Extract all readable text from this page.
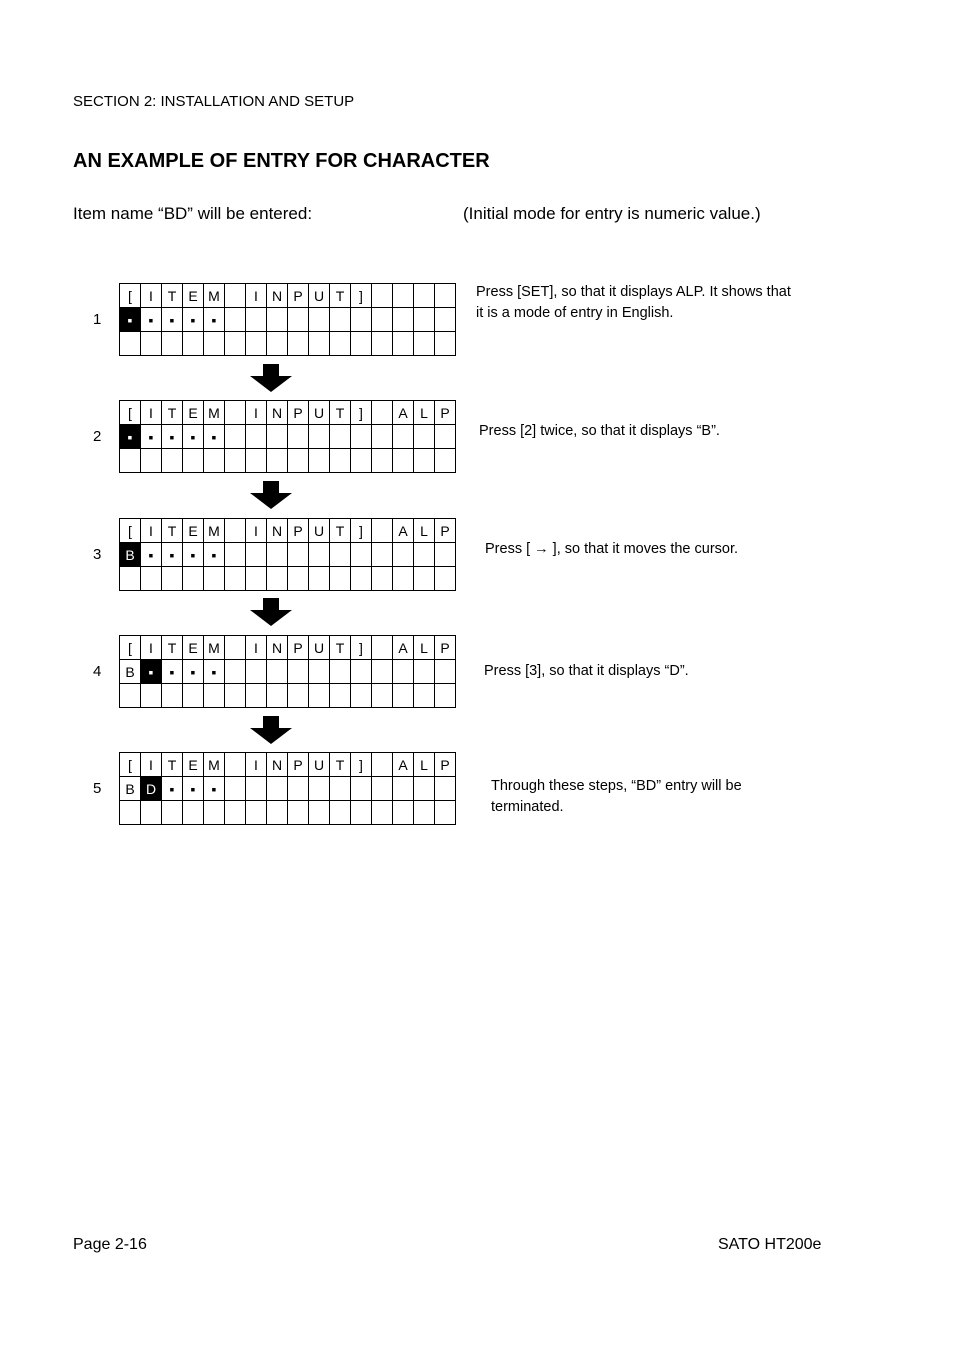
SECTION 2: INSTALLATION AND SETUP
AN EXAMPLE OF ENTRY FOR CHARACTER
Item name “BD” will be entered:	(Initial mode for entry is numeric value.)
1
[	I	T	E	M		I	N	P	U	T	]				
▪	▪	▪	▪	▪											

Press [SET], so that it displays ALP. It shows that
it is a mode of entry in English.
2
[	I	T	E	M		I	N	P	U	T	]		A	L	P
▪	▪	▪	▪	▪											
																Press [2] twice, so that it displays “B”.
3
[	I	T	E	M		I	N	P	U	T	]		A	L	P
B	▪	▪	▪	▪											
																Press [ → ], so that it moves the cursor.
4
[	I	T	E	M		I	N	P	U	T	]		A	L	P
B	▪	▪	▪	▪											
																Press [3], so that it displays “D”.
5
[	I	T	E	M		I	N	P	U	T	]		A	L	P
B	D	▪	▪	▪											
																Through these steps, “BD” entry will be
terminated.
Page 2-16	SATO HT200e
